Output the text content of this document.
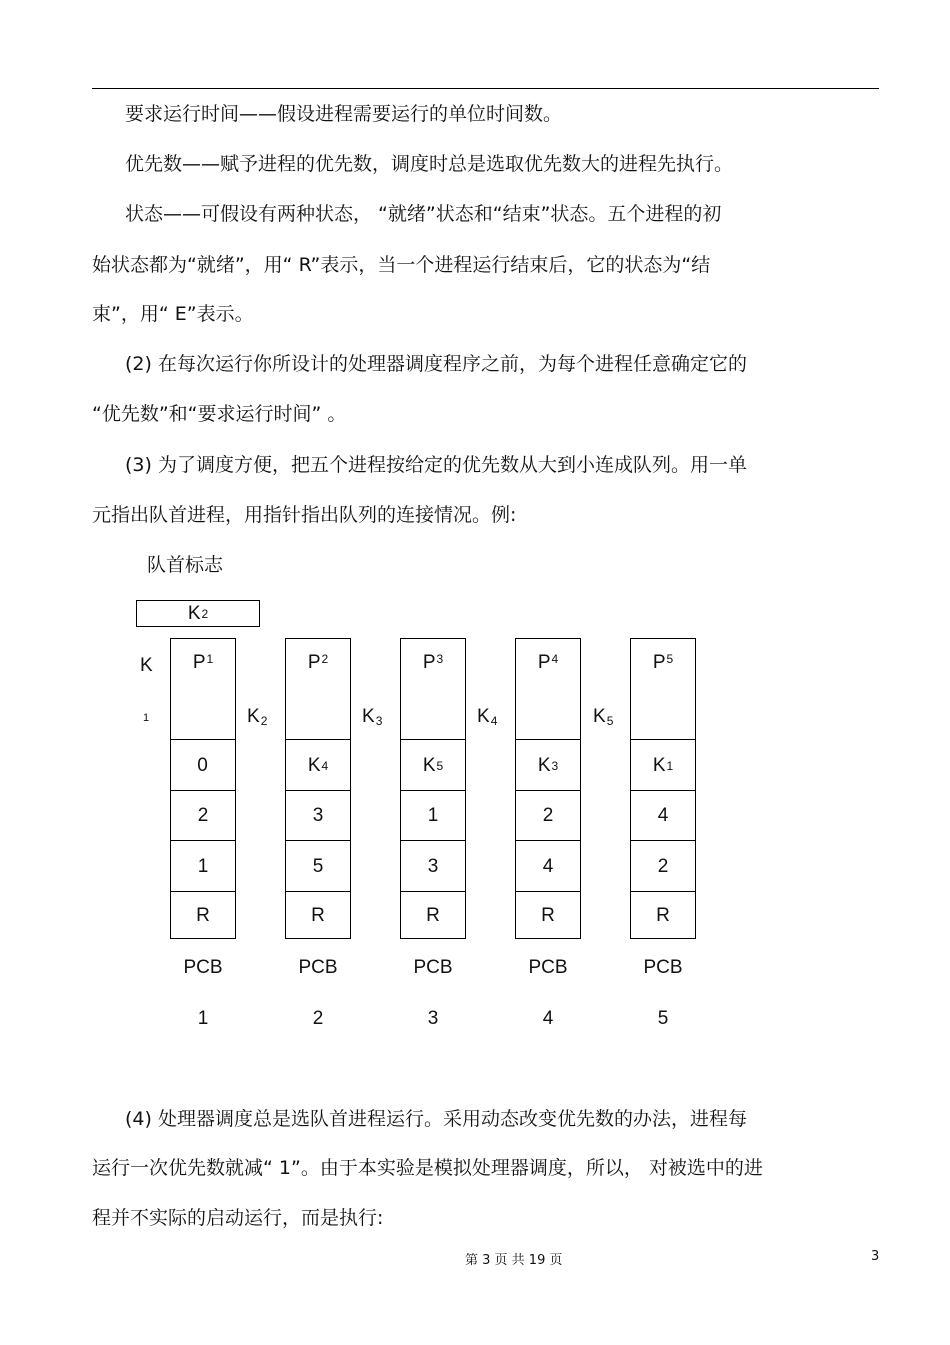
要求运行时间——假设进程需要运行的单位时间数。
优先数——赋予进程的优先数，调度时总是选取优先数大的进程先执行。
状态——可假设有两种状态， “就绪”状态和“结束”状态。五个进程的初
始状态都为“就绪”，用“ R”表示，当一个进程运行结束后，它的状态为“结
束”，用“ E”表示。
(2) 在每次运行你所设计的处理器调度程序之前，为每个进程任意确定它的
“优先数”和“要求运行时间” 。
(3) 为了调度方便，把五个进程按给定的优先数从大到小连成队列。用一单
元指出队首进程，用指针指出队列的连接情况。例:
队首标志
K 2
K
1
$P^1$
0
2
1
R
PCB
1
$P^2$
K 4
3
5
R
PCB
2
$P^3$
K 5
1
3
R
PCB
3
$P^4$
K 3
2
4
R
PCB
4
$P^5$
K 1
4
2
R
PCB
5
$K_2$	$K_3$	$K_4$	$K_5$
(4) 处理器调度总是选队首进程运行。采用动态改变优先数的办法，进程每
运行一次优先数就减“ 1”。由于本实验是模拟处理器调度，所以， 对被选中的进
程并不实际的启动运行，而是执行:
第 3 页 共 19 页	3
